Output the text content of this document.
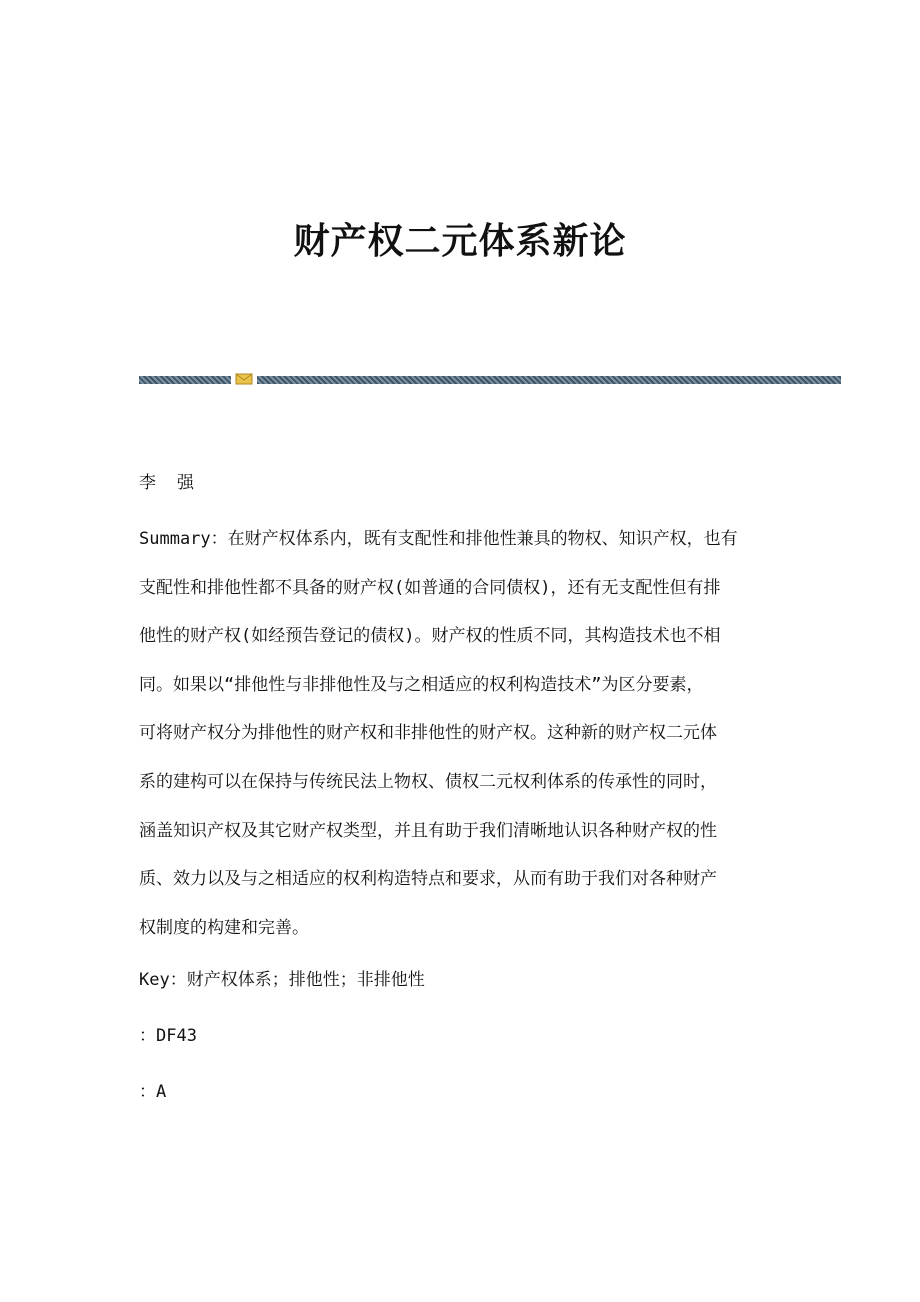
财产权二元体系新论
李　强
Summary：在财产权体系内，既有支配性和排他性兼具的物权、知识产权，也有
支配性和排他性都不具备的财产权(如普通的合同债权)，还有无支配性但有排
他性的财产权(如经预告登记的债权)。财产权的性质不同，其构造技术也不相
同。如果以“排他性与非排他性及与之相适应的权利构造技术”为区分要素，
可将财产权分为排他性的财产权和非排他性的财产权。这种新的财产权二元体
系的建构可以在保持与传统民法上物权、债权二元权利体系的传承性的同时，
涵盖知识产权及其它财产权类型，并且有助于我们清晰地认识各种财产权的性
质、效力以及与之相适应的权利构造特点和要求，从而有助于我们对各种财产
权制度的构建和完善。
Key：财产权体系；排他性；非排他性
：DF43
：A
